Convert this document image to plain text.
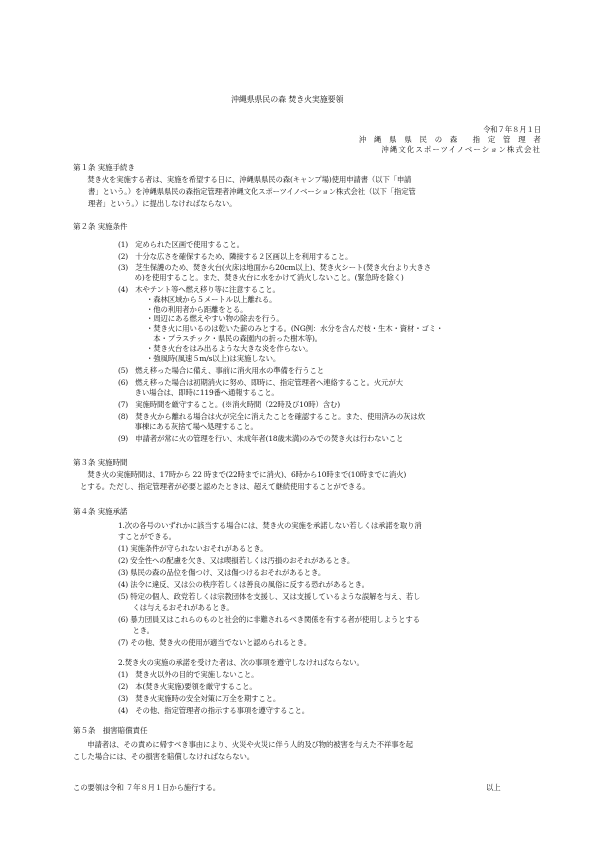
沖縄県県民の森 焚き火実施要領
令和７年８月１日
沖　縄　県　県　民　の　森　　指　定　管　理　者
沖縄文化スポーツイノベーション株式会社
第１条 実施手続き
　焚き火を実施する者は、実施を希望する日に、沖縄県県民の森(キャンプ場)使用申請書（以下「申請
書」という。）を沖縄県県民の森指定管理者沖縄文化スポーツイノベーション株式会社（以下「指定管
理者」という。）に提出しなければならない。
第２条 実施条件
(1)　定められた区画で使用すること。
(2)　十分な広さを確保するため、隣接する２区画以上を利用すること。
(3)　芝生保護のため、焚き火台(火床は地面から20cm以上)、焚き火シート(焚き火台より大きさ
　　 め)を使用すること。また、焚き火台に水をかけて消火しないこと。(緊急時を除く)
(4)　木やテント等へ燃え移り等に注意すること。
・森林区域から５メートル以上離れる。
・他の利用者から距離をとる。
・周辺にある燃えやすい物の除去を行う。
・焚き火に用いるのは乾いた薪のみとする。(NG例：水分を含んだ枝・生木・資材・ゴミ・
　本・プラスチック・県民の森園内の折った樹木等)。
・焚き火台をはみ出るような大きな炎を作らない。
・強風時(風速５m/s以上)は実施しない。
(5)　燃え移った場合に備え、事前に消火用水の準備を行うこと
(6)　燃え移った場合は初期消火に努め、即時に、指定管理者へ連絡すること。火元が大
　　 きい場合は、即時に119番へ通報すること。
(7)　実施時間を厳守すること。(※消火時間（22時及び10時）含む)
(8)　焚き火から離れる場合は火が完全に消えたことを確認すること。また、使用済みの灰は炊
　　 事棟にある灰捨て場へ処理すること。
(9)　申請者が常に火の管理を行い、未成年者(18歳未満)のみでの焚き火は行わないこと
第３条 実施時間
　焚き火の実施時間は、17時から 22 時まで(22時までに消火)、6時から10時まで(10時までに消火)
とする。ただし、指定管理者が必要と認めたときは、超えて継続使用することができる。
第４条 実施承諾
1.次の各号のいずれかに該当する場合には、焚き火の実施を承諾しない若しくは承諾を取り消
すことができる。
(1) 実施条件が守られないおそれがあるとき。
(2) 安全性への配慮を欠き、又は喫損若しくは汚損のおそれがあるとき。
(3) 県民の森の品位を傷つけ、又は傷つけるおそれがあるとき。
(4) 法令に違反、又は公の秩序若しくは善良の風俗に反する恐れがあるとき。
(5) 特定の個人、政党若しくは宗教団体を支援し、又は支援しているような誤解を与え、若し
　　くは与えるおそれがあるとき。
(6) 暴力団員又はこれらのものと社会的に非難されるべき関係を有する者が使用しようとする
　　とき。
(7) その他、焚き火の使用が適当でないと認められるとき。
2.焚き火の実施の承諾を受けた者は、次の事項を遵守しなければならない。
(1)　焚き火以外の目的で実施しないこと。
(2)　本(焚き火実施)要領を厳守すること。
(3)　焚き火実施時の安全対策に万全を期すこと。
(4)　その他、指定管理者の指示する事項を遵守すること。
第５条　損害賠償責任
　申請者は、その責めに帰すべき事由により、火災や火災に伴う人的及び物的被害を与えた不祥事を起
こした場合には、その損害を賠償しなければならない。
この要領は令和 ７年８月１日から施行する。	以上
